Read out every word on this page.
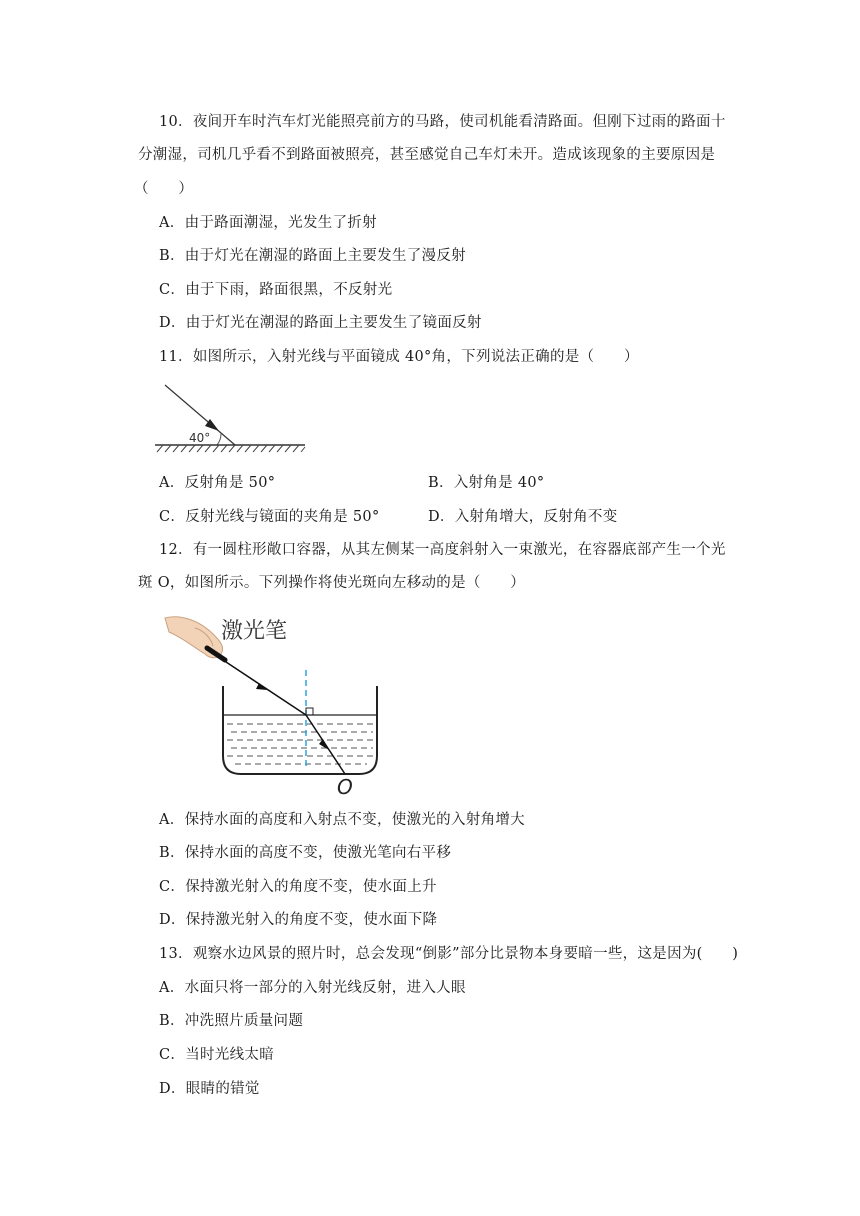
10．夜间开车时汽车灯光能照亮前方的马路，使司机能看清路面。但刚下过雨的路面十
分潮湿，司机几乎看不到路面被照亮，甚至感觉自己车灯未开。造成该现象的主要原因是
（　　）
A．由于路面潮湿，光发生了折射
B．由于灯光在潮湿的路面上主要发生了漫反射
C．由于下雨，路面很黑，不反射光
D．由于灯光在潮湿的路面上主要发生了镜面反射
11．如图所示，入射光线与平面镜成 40°角，下列说法正确的是（　　）
40°
A．反射角是 50°	B．入射角是 40°
C．反射光线与镜面的夹角是 50°	D．入射角增大，反射角不变
12．有一圆柱形敞口容器，从其左侧某一高度斜射入一束激光，在容器底部产生一个光
斑 O，如图所示。下列操作将使光斑向左移动的是（　　）
激光笔
O
A．保持水面的高度和入射点不变，使激光的入射角增大
B．保持水面的高度不变，使激光笔向右平移
C．保持激光射入的角度不变，使水面上升
D．保持激光射入的角度不变，使水面下降
13．观察水边风景的照片时，总会发现“倒影”部分比景物本身要暗一些，这是因为(　　)
A．水面只将一部分的入射光线反射，进入人眼
B．冲洗照片质量问题
C．当时光线太暗
D．眼睛的错觉
